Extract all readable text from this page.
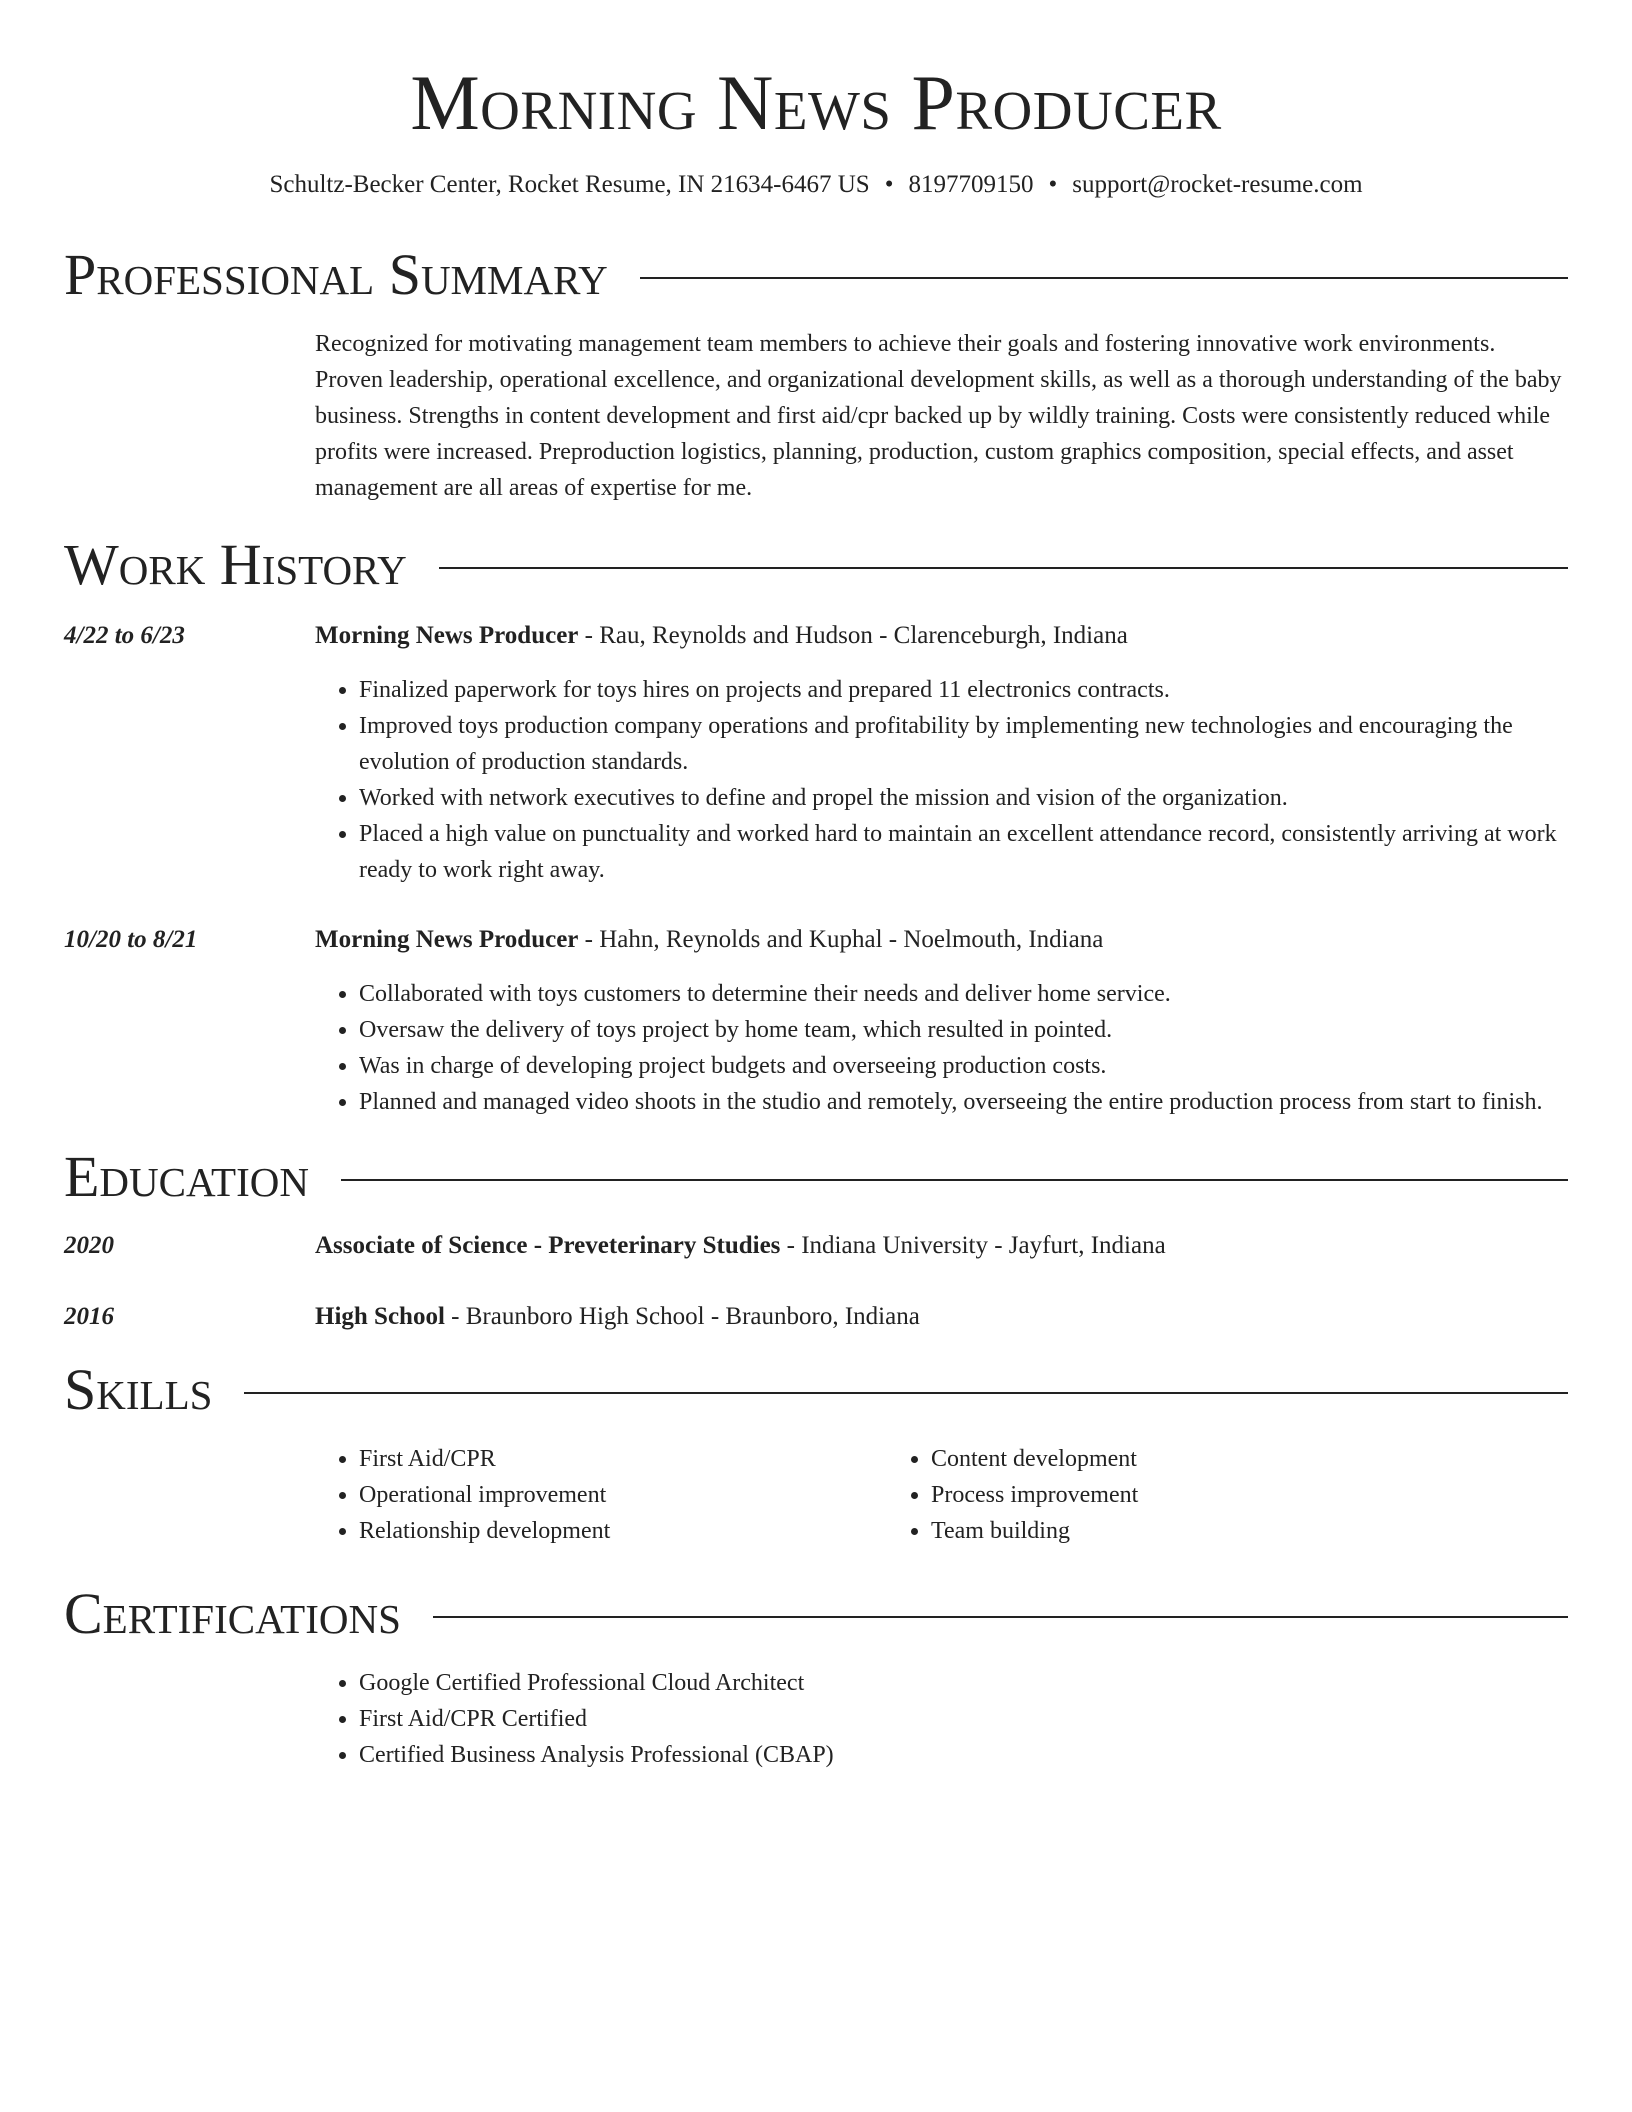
Morning News Producer
Schultz-Becker Center, Rocket Resume, IN 21634-6467 US • 8197709150 • support@rocket-resume.com
Professional Summary
Recognized for motivating management team members to achieve their goals and fostering innovative work environments. Proven leadership, operational excellence, and organizational development skills, as well as a thorough understanding of the baby business. Strengths in content development and first aid/cpr backed up by wildly training. Costs were consistently reduced while profits were increased. Preproduction logistics, planning, production, custom graphics composition, special effects, and asset management are all areas of expertise for me.
Work History
4/22 to 6/23	Morning News Producer - Rau, Reynolds and Hudson - Clarenceburgh, Indiana
• Finalized paperwork for toys hires on projects and prepared 11 electronics contracts.
• Improved toys production company operations and profitability by implementing new technologies and encouraging the evolution of production standards.
• Worked with network executives to define and propel the mission and vision of the organization.
• Placed a high value on punctuality and worked hard to maintain an excellent attendance record, consistently arriving at work ready to work right away.
10/20 to 8/21	Morning News Producer - Hahn, Reynolds and Kuphal - Noelmouth, Indiana
• Collaborated with toys customers to determine their needs and deliver home service.
• Oversaw the delivery of toys project by home team, which resulted in pointed.
• Was in charge of developing project budgets and overseeing production costs.
• Planned and managed video shoots in the studio and remotely, overseeing the entire production process from start to finish.
Education
2020	Associate of Science - Preveterinary Studies - Indiana University - Jayfurt, Indiana
2016	High School - Braunboro High School - Braunboro, Indiana
Skills
• First Aid/CPR
• Operational improvement
• Relationship development
• Content development
• Process improvement
• Team building
Certifications
• Google Certified Professional Cloud Architect
• First Aid/CPR Certified
• Certified Business Analysis Professional (CBAP)
